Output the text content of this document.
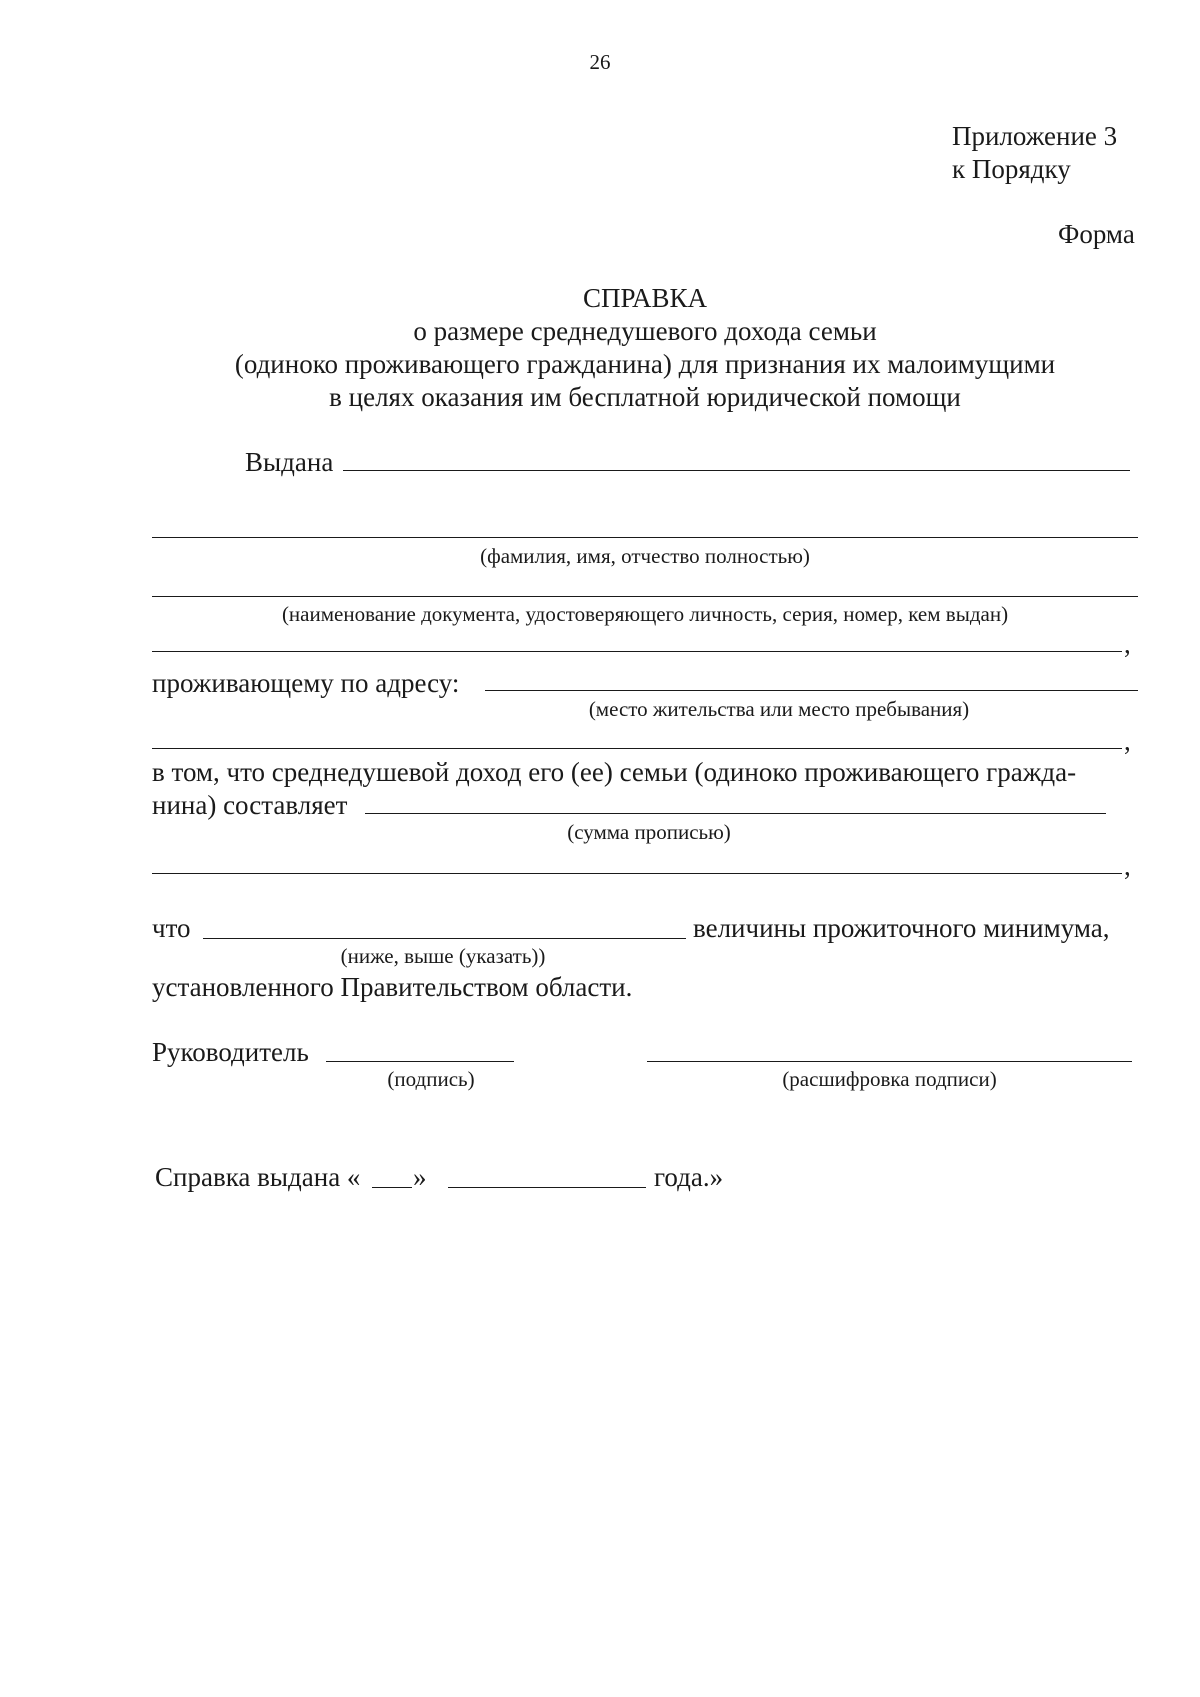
26
Приложение 3
к Порядку
Форма
СПРАВКА
о размере среднедушевого дохода семьи
(одиноко проживающего гражданина) для признания их малоимущими
в целях оказания им бесплатной юридической помощи
Выдана
(фамилия, имя, отчество полностью)
(наименование документа, удостоверяющего личность, серия, номер, кем выдан)
,
проживающему по адресу:
(место жительства или место пребывания)
,
в том, что среднедушевой доход его (ее) семьи (одиноко проживающего гражда-
нина) составляет
(сумма прописью)
,
что	величины прожиточного минимума,
(ниже, выше (указать))
установленного Правительством области.
Руководитель
(подпись)	(расшифровка подписи)
Справка выдана « »	года.»
